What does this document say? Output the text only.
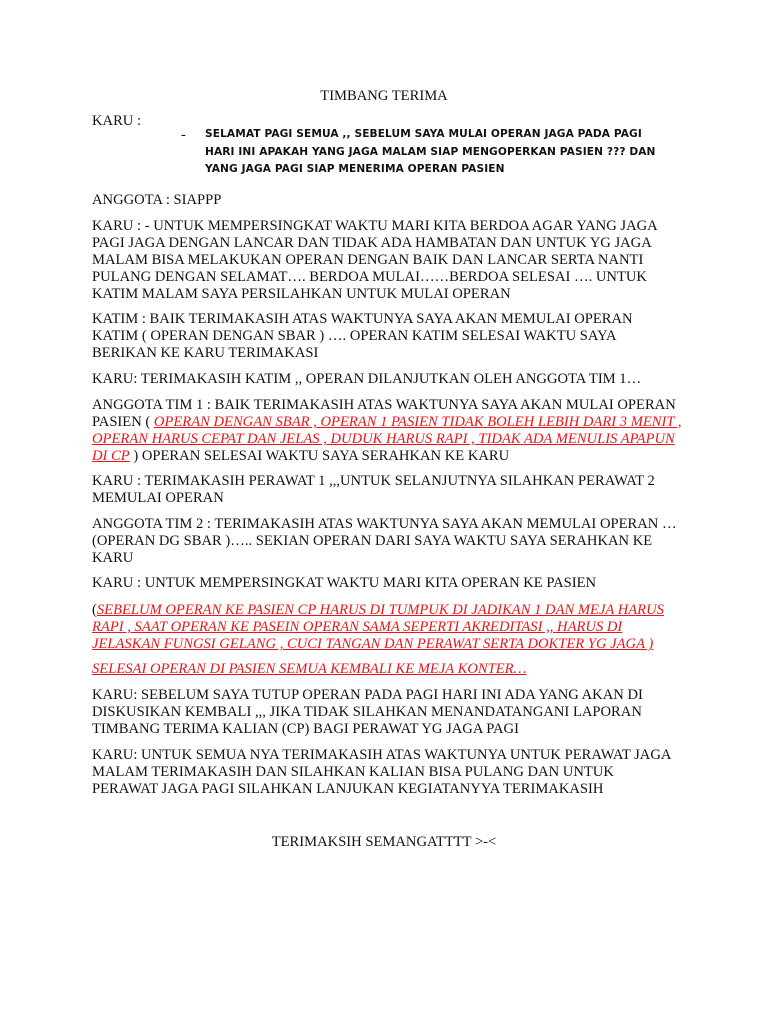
TIMBANG TERIMA
KARU :
- SELAMAT PAGI SEMUA ,, SEBELUM SAYA MULAI OPERAN JAGA PADA PAGI HARI INI APAKAH YANG JAGA MALAM SIAP MENGOPERKAN PASIEN ??? DAN YANG JAGA PAGI SIAP MENERIMA OPERAN PASIEN

ANGGOTA : SIAPPP

KARU : - UNTUK MEMPERSINGKAT WAKTU MARI KITA BERDOA AGAR YANG JAGA PAGI JAGA DENGAN LANCAR DAN TIDAK ADA HAMBATAN DAN UNTUK YG JAGA MALAM BISA MELAKUKAN OPERAN DENGAN BAIK DAN LANCAR SERTA NANTI PULANG DENGAN SELAMAT…. BERDOA MULAI……BERDOA SELESAI …. UNTUK KATIM MALAM SAYA PERSILAHKAN UNTUK MULAI OPERAN

KATIM : BAIK TERIMAKASIH ATAS WAKTUNYA SAYA AKAN MEMULAI OPERAN KATIM ( OPERAN DENGAN SBAR ) …. OPERAN KATIM SELESAI WAKTU SAYA BERIKAN KE KARU TERIMAKASI

KARU: TERIMAKASIH KATIM ,, OPERAN DILANJUTKAN OLEH ANGGOTA TIM 1…

ANGGOTA TIM 1 : BAIK TERIMAKASIH ATAS WAKTUNYA SAYA AKAN MULAI OPERAN PASIEN ( OPERAN DENGAN SBAR , OPERAN 1 PASIEN TIDAK BOLEH LEBIH DARI 3 MENIT , OPERAN HARUS CEPAT DAN JELAS , DUDUK HARUS RAPI , TIDAK ADA MENULIS APAPUN DI CP ) OPERAN SELESAI WAKTU SAYA SERAHKAN KE KARU

KARU : TERIMAKASIH PERAWAT 1 ,,,UNTUK SELANJUTNYA SILAHKAN PERAWAT 2 MEMULAI OPERAN

ANGGOTA TIM 2 : TERIMAKASIH ATAS WAKTUNYA SAYA AKAN MEMULAI OPERAN … (OPERAN DG SBAR )….. SEKIAN OPERAN DARI SAYA WAKTU SAYA SERAHKAN KE KARU

KARU : UNTUK MEMPERSINGKAT WAKTU MARI KITA OPERAN KE PASIEN

(SEBELUM OPERAN KE PASIEN CP HARUS DI TUMPUK DI JADIKAN 1 DAN MEJA HARUS RAPI , SAAT OPERAN KE PASEIN OPERAN SAMA SEPERTI AKREDITASI ,, HARUS DI JELASKAN FUNGSI GELANG , CUCI TANGAN DAN PERAWAT SERTA DOKTER YG JAGA )

SELESAI OPERAN DI PASIEN SEMUA KEMBALI KE MEJA KONTER…

KARU: SEBELUM SAYA TUTUP OPERAN PADA PAGI HARI INI ADA YANG AKAN DI DISKUSIKAN KEMBALI ,,, JIKA TIDAK SILAHKAN MENANDATANGANI LAPORAN TIMBANG TERIMA KALIAN (CP) BAGI PERAWAT YG JAGA PAGI

KARU: UNTUK SEMUA NYA TERIMAKASIH ATAS WAKTUNYA UNTUK PERAWAT JAGA MALAM TERIMAKASIH DAN SILAHKAN KALIAN BISA PULANG DAN UNTUK PERAWAT JAGA PAGI SILAHKAN LANJUKAN KEGIATANYYA TERIMAKASIH

TERIMAKSIH SEMANGATTTT >-<
